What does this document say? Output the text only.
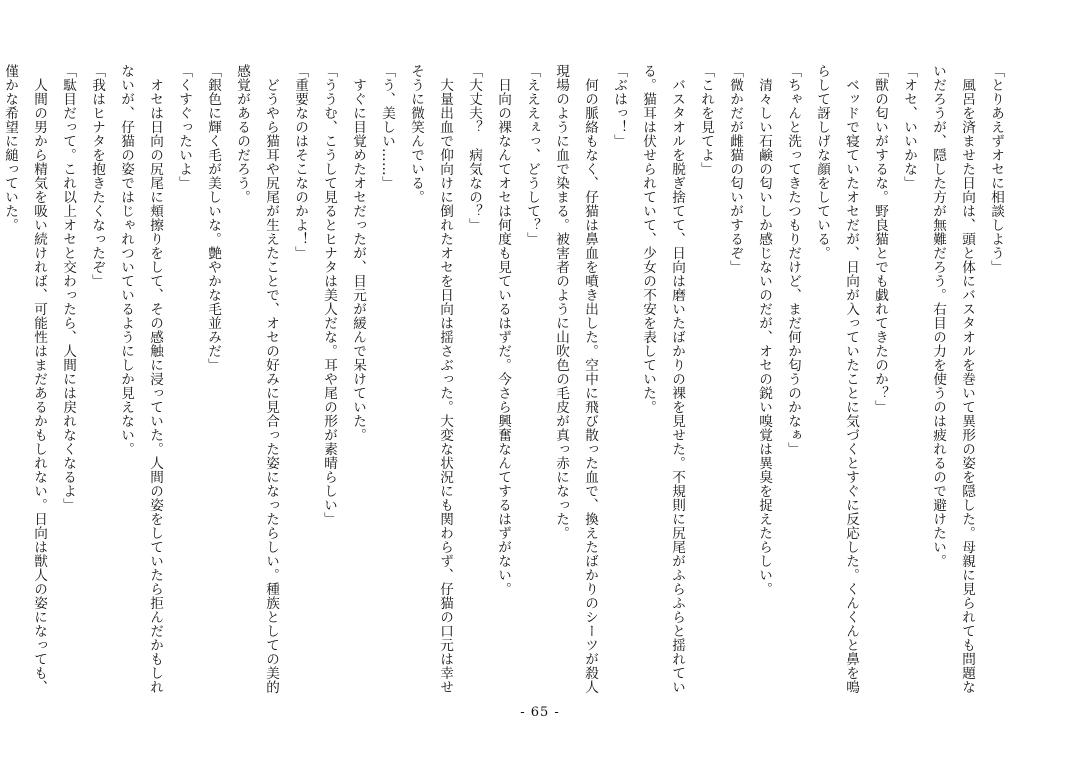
「とりあえずオセに相談しよう」

　風呂を済ませた日向は、頭と体にバスタオルを巻いて異形の姿を隠した。母親に見られても問題ないだろうが、隠した方が無難だろう。右目の力を使うのは疲れるので避けたい。

「オセ、いいかな」

「獣の匂いがするな。野良猫とでも戯れてきたのか？」

　ベッドで寝ていたオセだが、日向が入っていたことに気づくとすぐに反応した。くんくんと鼻を鳴らして訝しげな顔をしている。

「ちゃんと洗ってきたつもりだけど、まだ何か匂うのかなぁ」

　清々しい石鹸の匂いしか感じないのだが、オセの鋭い嗅覚は異臭を捉えたらしい。

「微かだが雌猫の匂いがするぞ」

「これを見てよ」

　バスタオルを脱ぎ捨てて、日向は磨いたばかりの裸を見せた。不規則に尻尾がふらふらと揺れている。猫耳は伏せられていて、少女の不安を表していた。

「ぶはっ！」

　何の脈絡もなく、仔猫は鼻血を噴き出した。空中に飛び散った血で、換えたばかりのシーツが殺人現場のように血で染まる。被害者のように山吹色の毛皮が真っ赤になった。

「えええぇっ、どうして？」

　日向の裸なんてオセは何度も見ているはずだ。今さら興奮なんてするはずがない。

「大丈夫？　病気なの？」

　大量出血で仰向けに倒れたオセを日向は揺さぶった。大変な状況にも関わらず、仔猫の口元は幸せそうに微笑んでいる。

「う、美しい……」

　すぐに目覚めたオセだったが、目元が緩んで呆けていた。

「ううむ、こうして見るとヒナタは美人だな。耳や尾の形が素晴らしい」

「重要なのはそこなのかよ！」

　どうやら猫耳や尻尾が生えたことで、オセの好みに見合った姿になったらしい。種族としての美的感覚があるのだろう。

「銀色に輝く毛が美しいな。艶やかな毛並みだ」

「くすぐったいよ」

　オセは日向の尻尾に頬擦りをして、その感触に浸っていた。人間の姿をしていたら拒んだかもしれないが、仔猫の姿ではじゃれついているようにしか見えない。

「我はヒナタを抱きたくなったぞ」

「駄目だって。これ以上オセと交わったら、人間には戻れなくなるよ」

　人間の男から精気を吸い続ければ、可能性はまだあるかもしれない。日向は獣人の姿になっても、僅かな希望に縋っていた。

- 65 -
